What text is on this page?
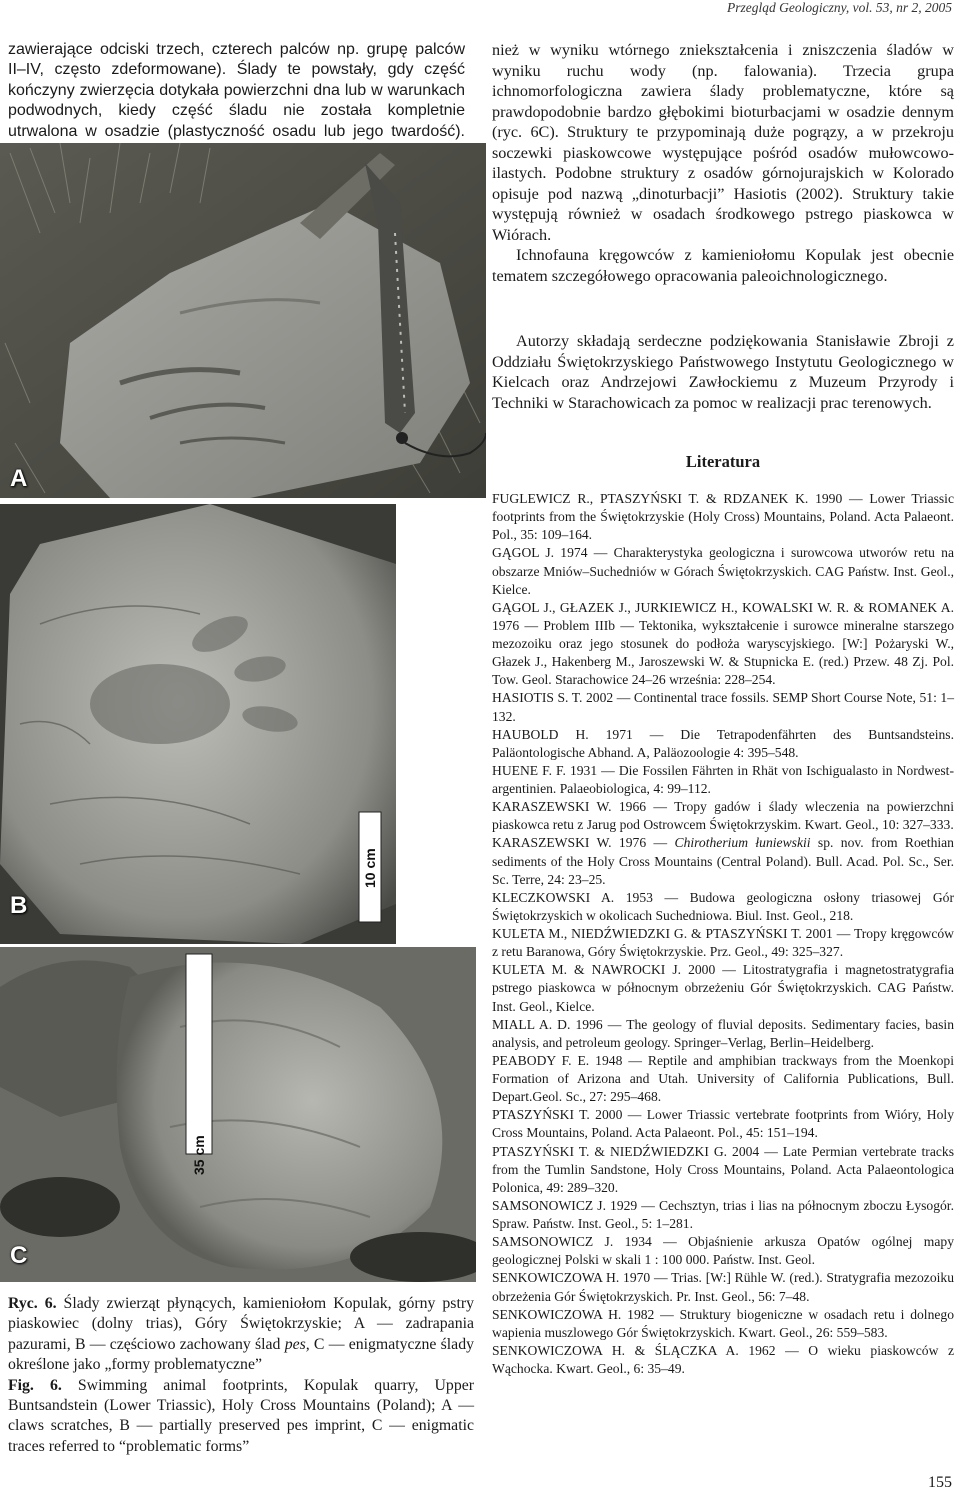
Przegląd Geologiczny, vol. 53, nr 2, 2005

zawierające odciski trzech, czterech palców np. grupę palców II–IV, często zdeformowane). Ślady te powstały, gdy część kończyny zwierzęcia dotykała powierzchni dna lub w warunkach podwodnych, kiedy część śladu nie została kompletnie utrwalona w osadzie (plastyczność osadu lub jego twardość).

nież w wyniku wtórnego zniekształcenia i zniszczenia śladów w wyniku ruchu wody (np. falowania). Trzecia grupa ichnomorfologiczna zawiera ślady problematyczne, które są prawdopodobnie bardzo głębokimi bioturbacjami w osadzie dennym (ryc. 6C). Struktury te przypominają duże pogrązy, a w przekroju soczewki piaskowcowe występujące pośród osadów mułowcowo-ilastych. Podobne struktury z osadów górnojurajskich w Kolorado opisuje pod nazwą „dinoturbacji” Hasiotis (2002). Struktury takie występują również w osadach środkowego pstrego piaskowca w Wiórach.

Ichnofauna kręgowców z kamieniołomu Kopulak jest obecnie tematem szczegółowego opracowania paleoichnologicznego.

Autorzy składają serdeczne podziękowania Stanisławie Zbroji z Oddziału Świętokrzyskiego Państwowego Instytutu Geologicznego w Kielcach oraz Andrzejowi Zawłockiemu z Muzeum Przyrody i Techniki w Starachowicach za pomoc w realizacji prac terenowych.

Literatura

FUGLEWICZ R., PTASZYŃSKI T. & RDZANEK K. 1990 — Lower Triassic footprints from the Świętokrzyskie (Holy Cross) Mountains, Poland. Acta Palaeont. Pol., 35: 109–164.

GĄGOL J. 1974 — Charakterystyka geologiczna i surowcowa utworów retu na obszarze Mniów–Suchedniów w Górach Świętokrzyskich. CAG Państw. Inst. Geol., Kielce.

GĄGOL J., GŁAZEK J., JURKIEWICZ H., KOWALSKI W. R. & ROMANEK A. 1976 — Problem IIIb — Tektonika, wykształcenie i surowce mineralne starszego mezozoiku oraz jego stosunek do podłoża waryscyjskiego. [W:] Pożaryski W., Głazek J., Hakenberg M., Jaroszewski W. & Stupnicka E. (red.) Przew. 48 Zj. Pol. Tow. Geol. Starachowice 24–26 września: 228–254.

HASIOTIS S. T. 2002 — Continental trace fossils. SEMP Short Course Note, 51: 1–132.

HAUBOLD H. 1971 — Die Tetrapodenfährten des Buntsandsteins. Paläontologische Abhand. A, Paläozoologie 4: 395–548.

HUENE F. F. 1931 — Die Fossilen Fährten in Rhät von Ischigualasto in Nordwest-argentinien. Palaeobiologica, 4: 99–112.

KARASZEWSKI W. 1966 — Tropy gadów i ślady wleczenia na powierzchni piaskowca retu z Jarug pod Ostrowcem Świętokrzyskim. Kwart. Geol., 10: 327–333.

KARASZEWSKI W. 1976 — Chirotherium łuniewskii sp. nov. from Roethian sediments of the Holy Cross Mountains (Central Poland). Bull. Acad. Pol. Sc., Ser. Sc. Terre, 24: 23–25.

KLECZKOWSKI A. 1953 — Budowa geologiczna osłony triasowej Gór Świętokrzyskich w okolicach Suchedniowa. Biul. Inst. Geol., 218.

KULETA M., NIEDŹWIEDZKI G. & PTASZYŃSKI T. 2001 — Tropy kręgowców z retu Baranowa, Góry Świętokrzyskie. Prz. Geol., 49: 325–327.

KULETA M. & NAWROCKI J. 2000 — Litostratygrafia i magnetostratygrafia pstrego piaskowca w północnym obrzeżeniu Gór Świętokrzyskich. CAG Państw. Inst. Geol., Kielce.

MIALL A. D. 1996 — The geology of fluvial deposits. Sedimentary facies, basin analysis, and petroleum geology. Springer–Verlag, Berlin–Heidelberg.

PEABODY F. E. 1948 — Reptile and amphibian trackways from the Moenkopi Formation of Arizona and Utah. University of California Publications, Bull. Depart.Geol. Sc., 27: 295–468.

PTASZYŃSKI T. 2000 — Lower Triassic vertebrate footprints from Wióry, Holy Cross Mountains, Poland. Acta Palaeont. Pol., 45: 151–194.

PTASZYŃSKI T. & NIEDŹWIEDZKI G. 2004 — Late Permian vertebrate tracks from the Tumlin Sandstone, Holy Cross Mountains, Poland. Acta Palaeontologica Polonica, 49: 289–320.

SAMSONOWICZ J. 1929 — Cechsztyn, trias i lias na północnym zboczu Łysogór. Spraw. Państw. Inst. Geol., 5: 1–281.

SAMSONOWICZ J. 1934 — Objaśnienie arkusza Opatów ogólnej mapy geologicznej Polski w skali 1 : 100 000. Państw. Inst. Geol.

SENKOWICZOWA H. 1970 — Trias. [W:] Rühle W. (red.). Stratygrafia mezozoiku obrzeżenia Gór Świętokrzyskich. Pr. Inst. Geol., 56: 7–48.

SENKOWICZOWA H. 1982 — Struktury biogeniczne w osadach retu i dolnego wapienia muszlowego Gór Świętokrzyskich. Kwart. Geol., 26: 559–583.

SENKOWICZOWA H. & ŚLĄCZKA A. 1962 — O wieku piaskowców z Wąchocka. Kwart. Geol., 6: 35–49.

A
B
10 cm
C
35 cm

Ryc. 6. Ślady zwierząt płynących, kamieniołom Kopulak, górny pstry piaskowiec (dolny trias), Góry Świętokrzyskie; A — zadrapania pazurami, B — częściowo zachowany ślad pes, C — enigmatyczne ślady określone jako „formy problematyczne”

Fig. 6. Swimming animal footprints, Kopulak quarry, Upper Buntsandstein (Lower Triassic), Holy Cross Mountains (Poland); A — claws scratches, B — partially preserved pes imprint, C — enigmatic traces referred to “problematic forms”

155
